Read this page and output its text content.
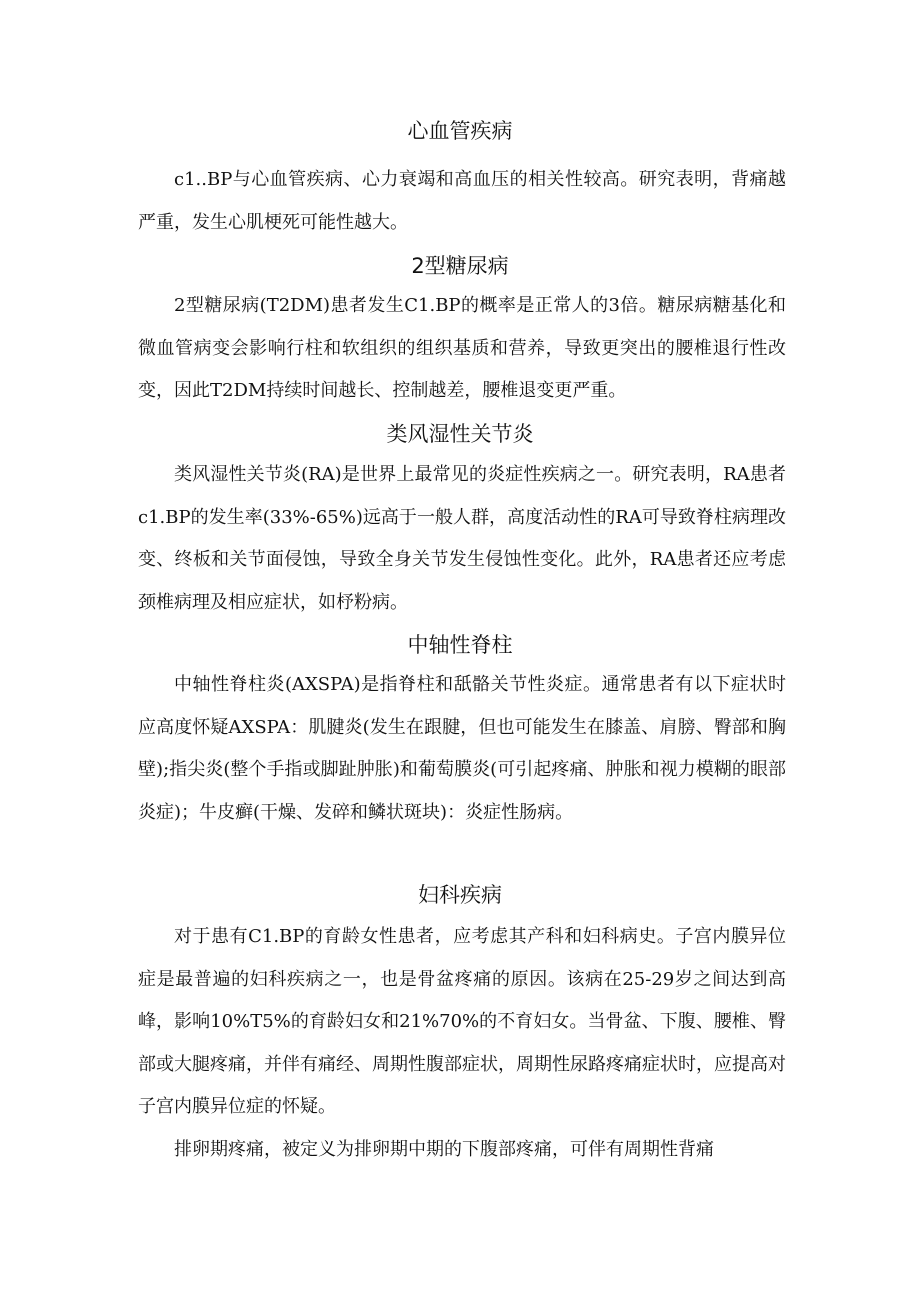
心血管疾病

c1..BP与心血管疾病、心力衰竭和高血压的相关性较高。研究表明，背痛越严重，发生心肌梗死可能性越大。

2型糖尿病

2型糖尿病(T2DM)患者发生C1.BP的概率是正常人的3倍。糖尿病糖基化和微血管病变会影响行柱和软组织的组织基质和营养，导致更突出的腰椎退行性改变，因此T2DM持续时间越长、控制越差，腰椎退变更严重。

类风湿性关节炎

类风湿性关节炎(RA)是世界上最常见的炎症性疾病之一。研究表明，RA患者c1.BP的发生率(33%-65%)远高于一般人群，高度活动性的RA可导致脊柱病理改变、终板和关节面侵蚀，导致全身关节发生侵蚀性变化。此外，RA患者还应考虑颈椎病理及相应症状，如杼粉病。

中轴性脊柱

中轴性脊柱炎(AXSPA)是指脊柱和舐骼关节性炎症。通常患者有以下症状时应高度怀疑AXSPA：肌腱炎(发生在跟腱，但也可能发生在膝盖、肩膀、臀部和胸壁);指尖炎(整个手指或脚趾肿胀)和葡萄膜炎(可引起疼痛、肿胀和视力模糊的眼部炎症)；牛皮癣(干燥、发碎和鳞状斑块)：炎症性肠病。

妇科疾病

对于患有C1.BP的育龄女性患者，应考虑其产科和妇科病史。子宫内膜异位症是最普遍的妇科疾病之一，也是骨盆疼痛的原因。该病在25-29岁之间达到高峰，影响10%T5%的育龄妇女和21%70%的不育妇女。当骨盆、下腹、腰椎、臀部或大腿疼痛，并伴有痛经、周期性腹部症状，周期性尿路疼痛症状时，应提高对子宫内膜异位症的怀疑。

排卵期疼痛，被定义为排卵期中期的下腹部疼痛，可伴有周期性背痛
